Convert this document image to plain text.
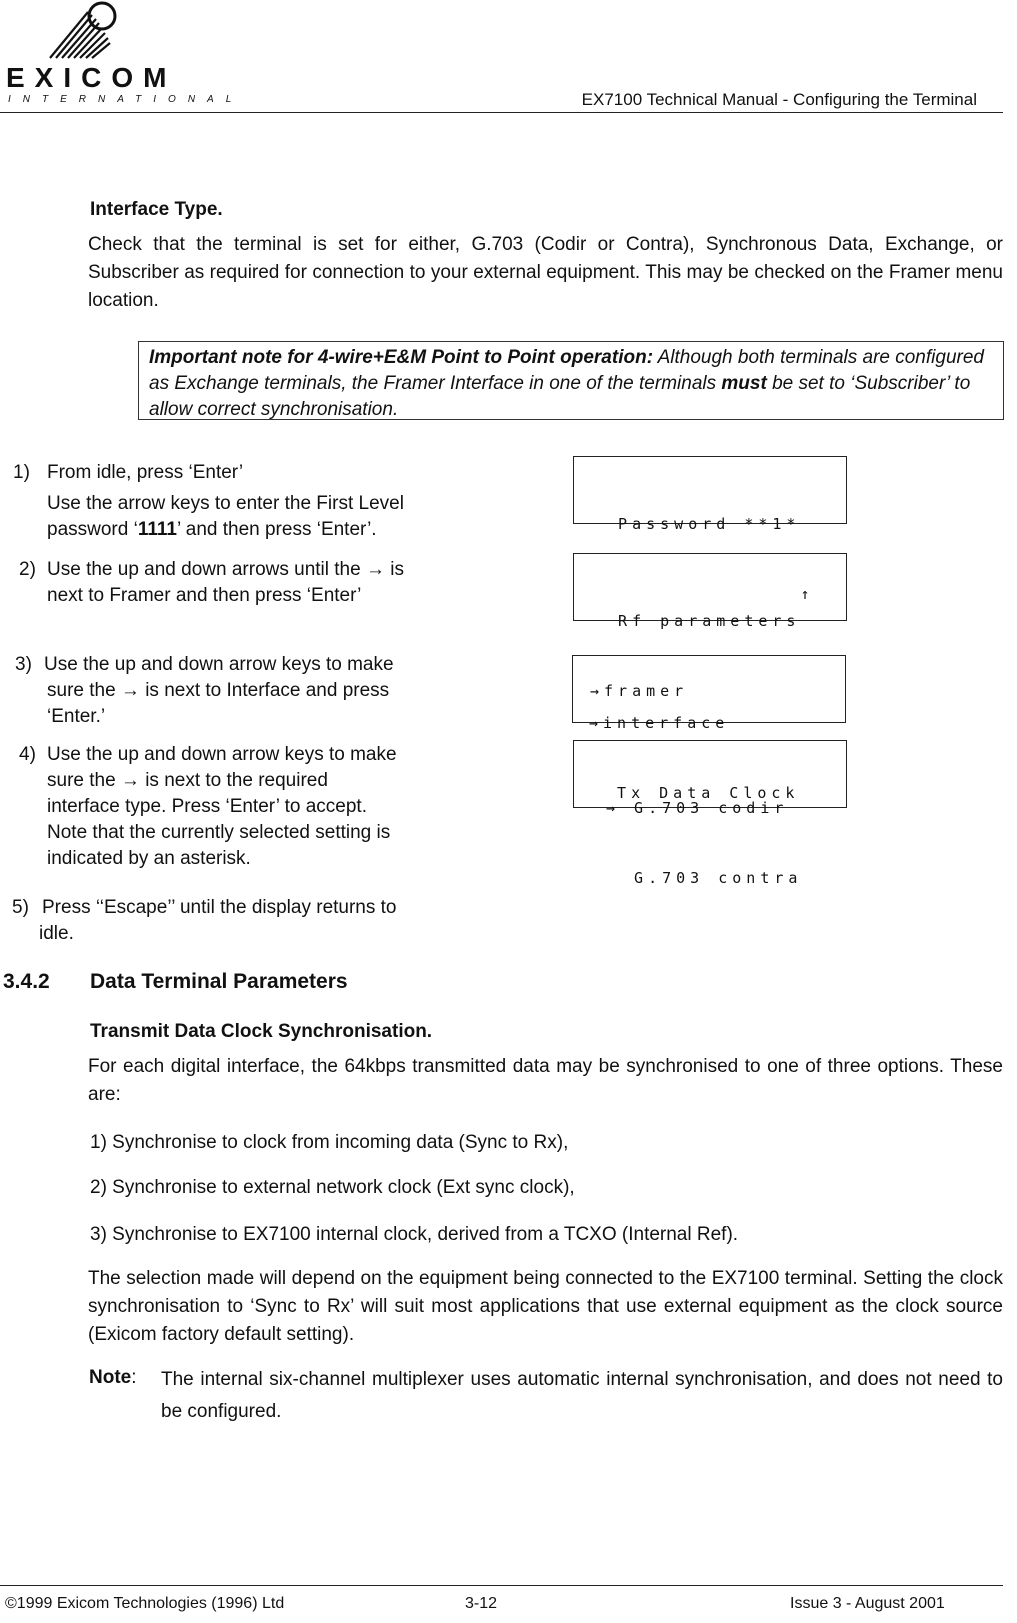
EXICOM
INTERNATIONAL	EX7100 Technical Manual - Configuring the Terminal
Interface Type.
Check that the terminal is set for either, G.703 (Codir or Contra), Synchronous Data, Exchange, or Subscriber as required for connection to your external equipment. This may be checked on the Framer menu location.
Important note for 4-wire+E&M Point to Point operation: Although both terminals are configured as Exchange terminals, the Framer Interface in one of the terminals must be set to ‘Subscriber’ to allow correct synchronisation.
1) From idle, press ‘Enter’
Use the arrow keys to enter the First Level
password ‘1111’ and then press ‘Enter’.
2) Use the up and down arrows until the → is
next to Framer and then press ‘Enter’
3) Use the up and down arrow keys to make
sure the → is next to Interface and press
‘Enter.’
4) Use the up and down arrow keys to make
sure the → is next to the required
interface type. Press ‘Enter’ to accept.
Note that the currently selected setting is
indicated by an asterisk.
5) Press ‘‘Escape’’ until the display returns to
idle.

Password **1*

↑

Rf parameters

→framer

→interface

Tx Data Clock

→ G.703 codir

G.703 contra

3.4.2 Data Terminal Parameters
Transmit Data Clock Synchronisation.
For each digital interface, the 64kbps transmitted data may be synchronised to one of three options. These are:
1) Synchronise to clock from incoming data (Sync to Rx),
2) Synchronise to external network clock (Ext sync clock),
3) Synchronise to EX7100 internal clock, derived from a TCXO (Internal Ref).
The selection made will depend on the equipment being connected to the EX7100 terminal. Setting the clock synchronisation to ‘Sync to Rx’ will suit most applications that use external equipment as the clock source (Exicom factory default setting).
Note: The internal six-channel multiplexer uses automatic internal synchronisation, and does not need to be configured.
©1999 Exicom Technologies (1996) Ltd	3-12	Issue 3 - August 2001
